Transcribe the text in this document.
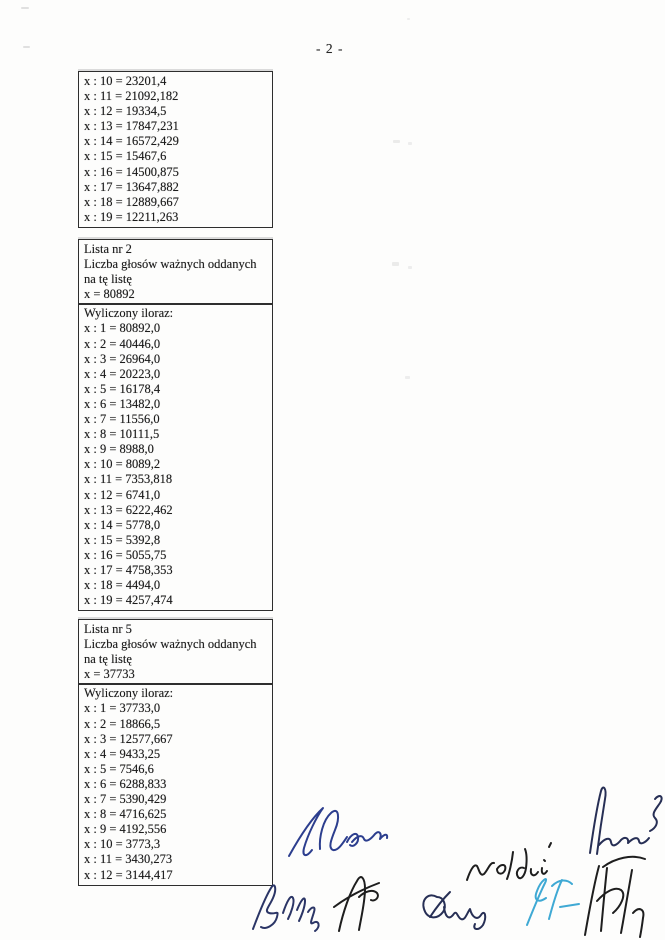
- 2 -
x : 10 = 23201,4
x : 11 = 21092,182
x : 12 = 19334,5
x : 13 = 17847,231
x : 14 = 16572,429
x : 15 = 15467,6
x : 16 = 14500,875
x : 17 = 13647,882
x : 18 = 12889,667
x : 19 = 12211,263
Lista nr 2
Liczba głosów ważnych oddanych
na tę listę
x = 80892
Wyliczony iloraz:
x : 1 = 80892,0
x : 2 = 40446,0
x : 3 = 26964,0
x : 4 = 20223,0
x : 5 = 16178,4
x : 6 = 13482,0
x : 7 = 11556,0
x : 8 = 10111,5
x : 9 = 8988,0
x : 10 = 8089,2
x : 11 = 7353,818
x : 12 = 6741,0
x : 13 = 6222,462
x : 14 = 5778,0
x : 15 = 5392,8
x : 16 = 5055,75
x : 17 = 4758,353
x : 18 = 4494,0
x : 19 = 4257,474
Lista nr 5
Liczba głosów ważnych oddanych
na tę listę
x = 37733
Wyliczony iloraz:
x : 1 = 37733,0
x : 2 = 18866,5
x : 3 = 12577,667
x : 4 = 9433,25
x : 5 = 7546,6
x : 6 = 6288,833
x : 7 = 5390,429
x : 8 = 4716,625
x : 9 = 4192,556
x : 10 = 3773,3
x : 11 = 3430,273
x : 12 = 3144,417
